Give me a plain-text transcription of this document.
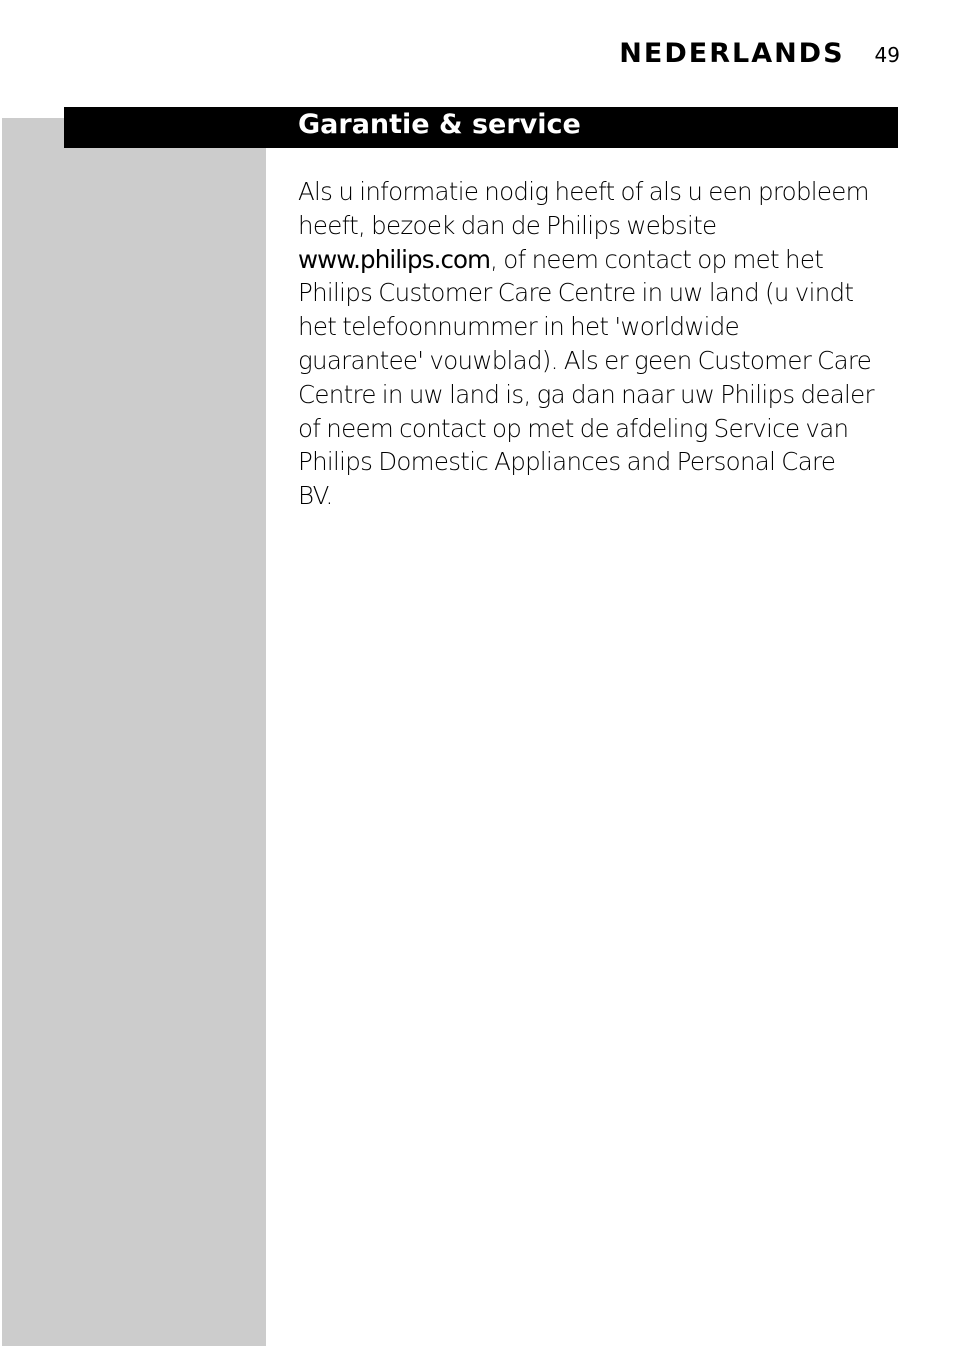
NEDERLANDS 49
Garantie & service

Als u informatie nodig heeft of als u een probleem
heeft, bezoek dan de Philips website
www.philips.com, of neem contact op met het
Philips Customer Care Centre in uw land (u vindt
het telefoonnummer in het 'worldwide
guarantee' vouwblad). Als er geen Customer Care
Centre in uw land is, ga dan naar uw Philips dealer
of neem contact op met de afdeling Service van
Philips Domestic Appliances and Personal Care
BV.
